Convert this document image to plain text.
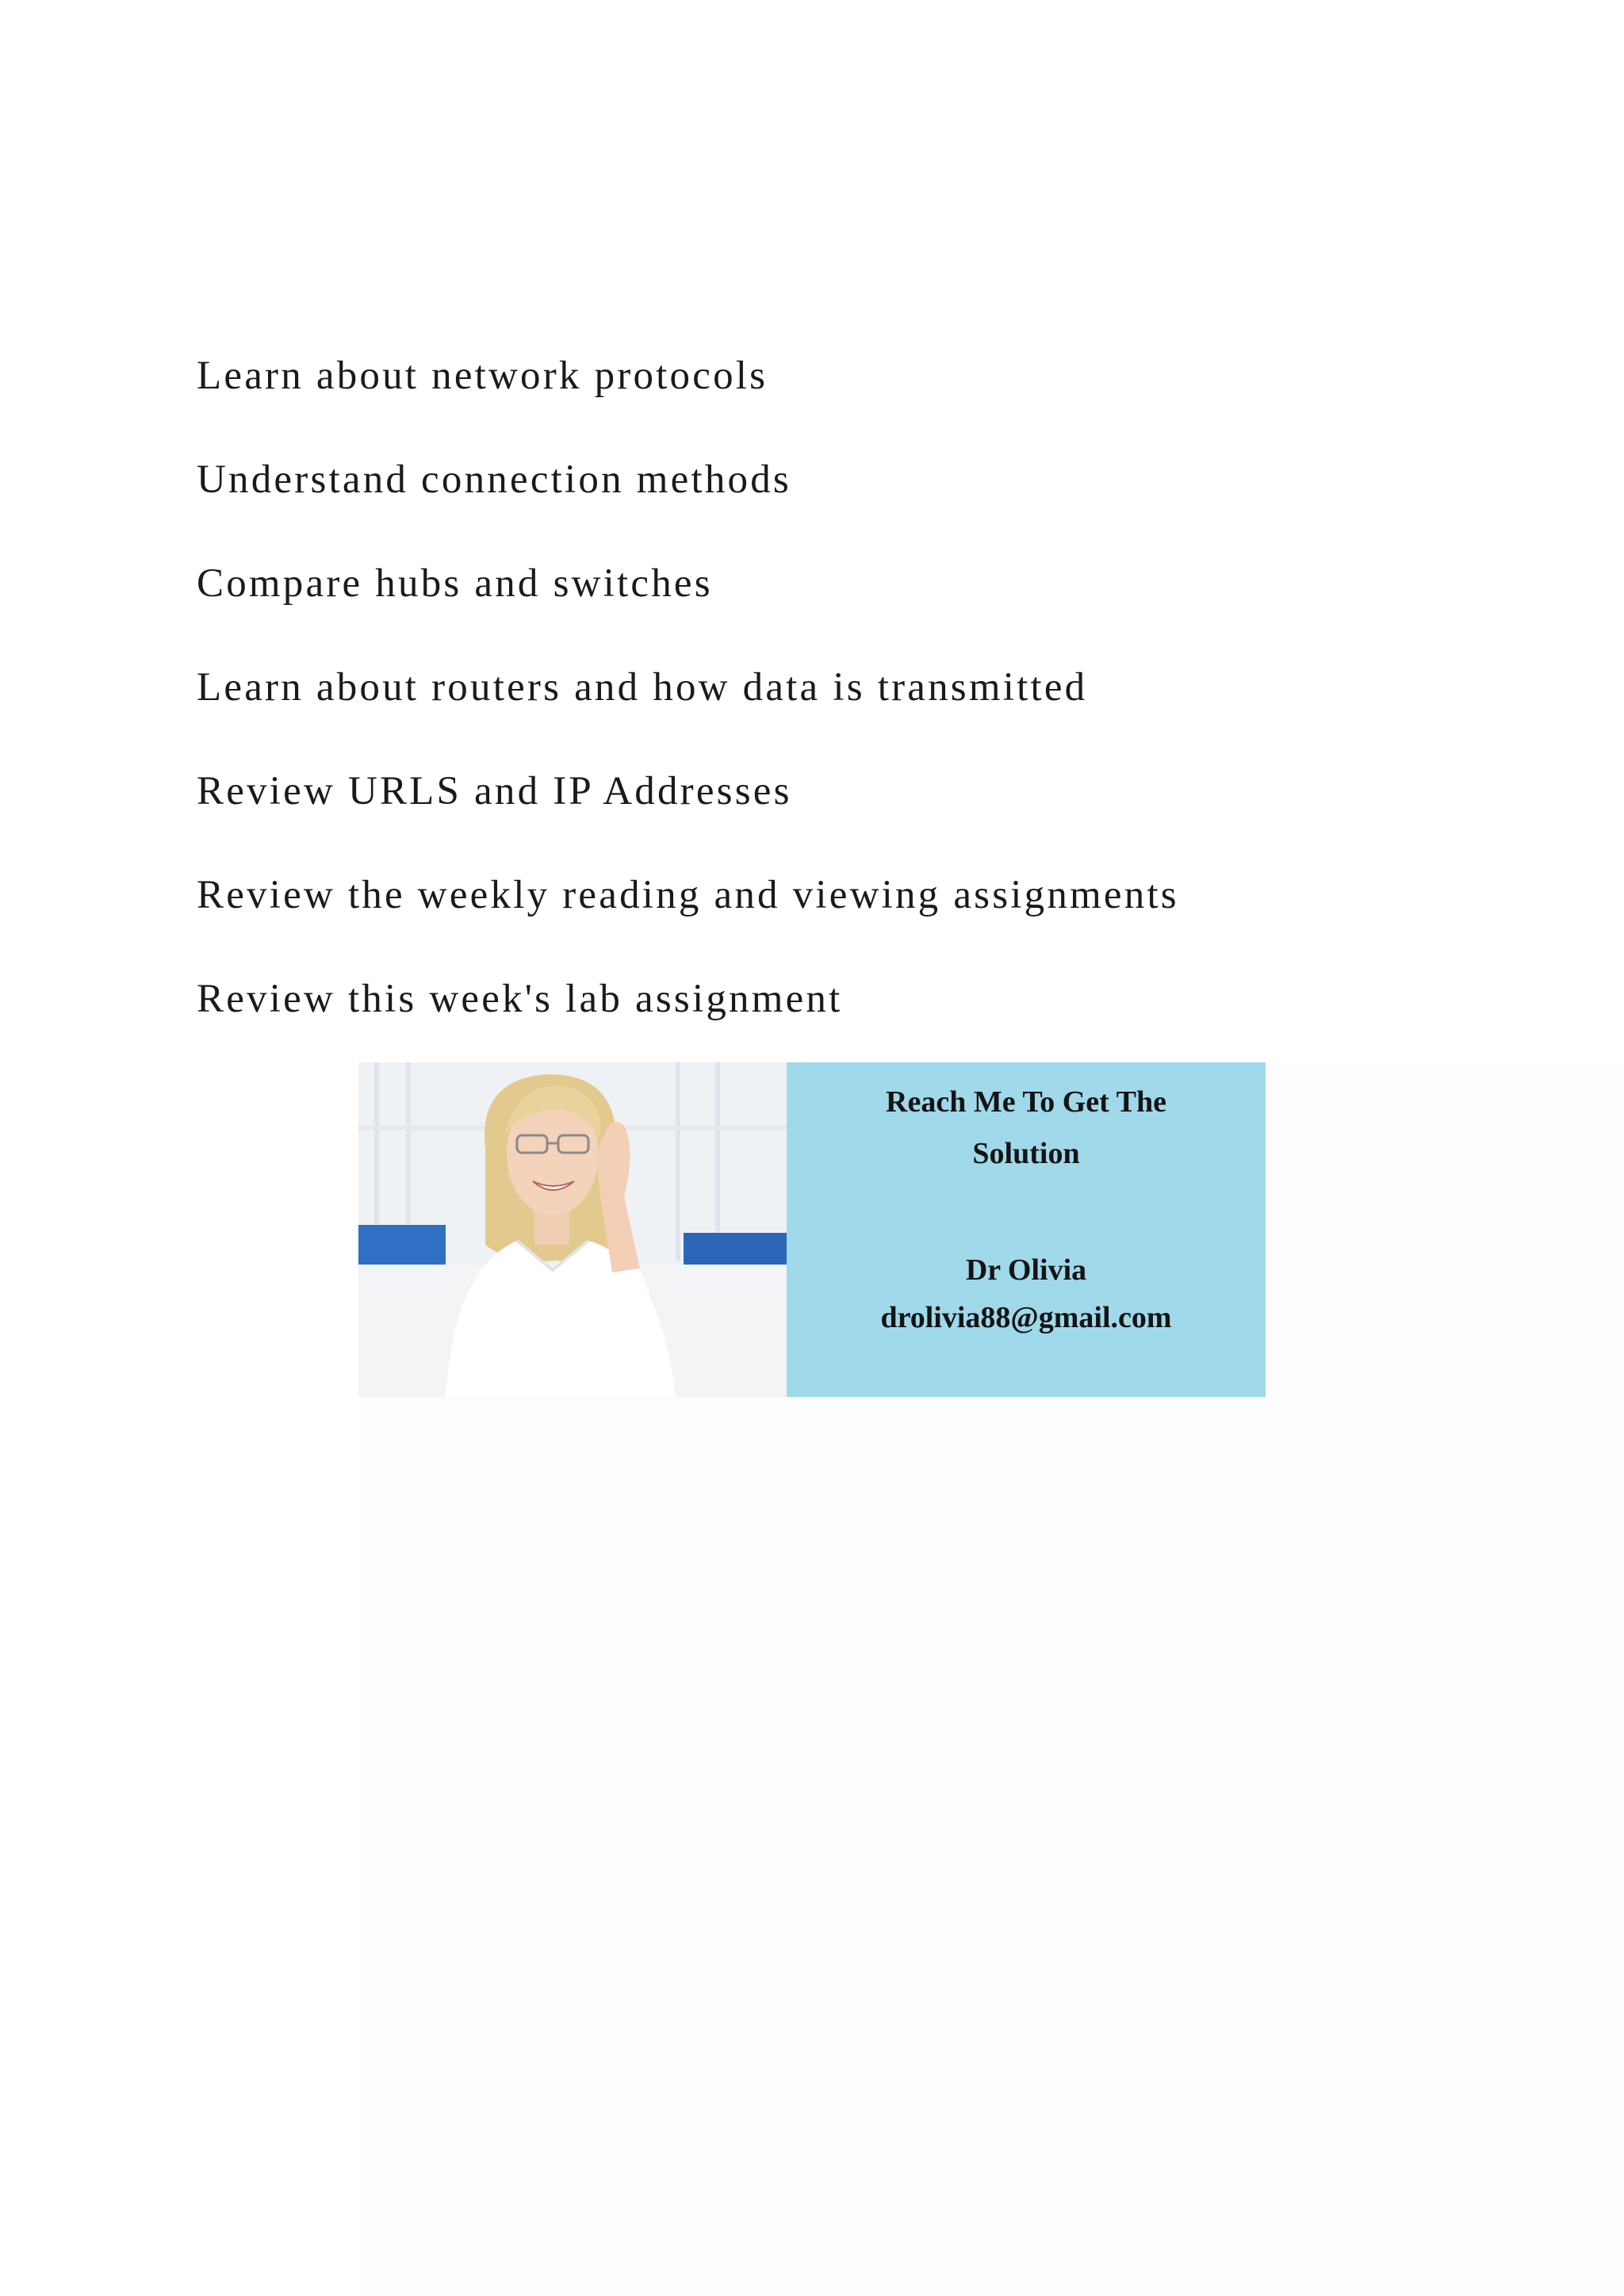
Learn about network protocols
Understand connection methods
Compare hubs and switches
Learn about routers and how data is transmitted
Review URLS and IP Addresses
Review the weekly reading and viewing assignments
Review this week's lab assignment
Reach Me To Get The
Solution
Dr Olivia
drolivia88@gmail.com
